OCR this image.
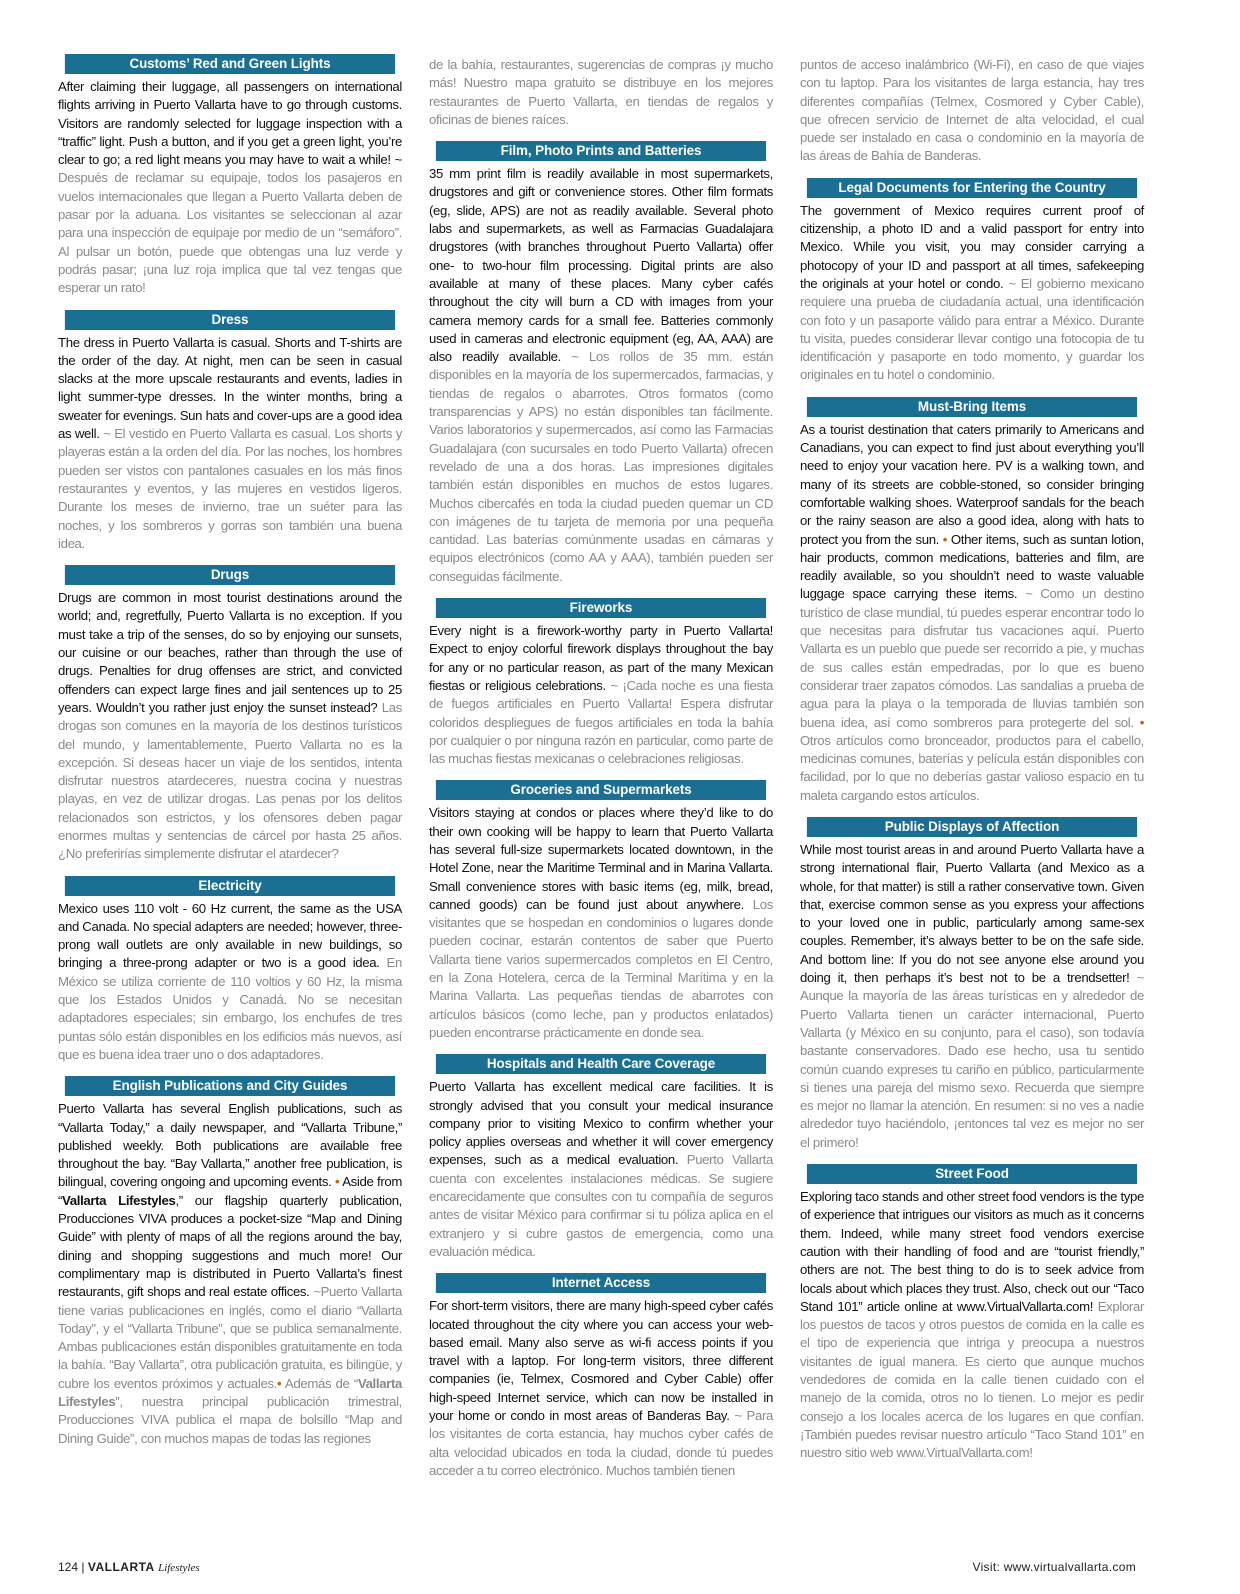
Customs’ Red and Green Lights

After claiming their luggage, all passengers on international flights arriving in Puerto Vallarta have to go through customs. Visitors are randomly selected for luggage inspection with a “traffic” light. Push a button, and if you get a green light, you’re clear to go; a red light means you may have to wait a while! ~ Después de reclamar su equipaje, todos los pasajeros en vuelos internacionales que llegan a Puerto Vallarta deben de pasar por la aduana. Los visitantes se seleccionan al azar para una inspección de equipaje por medio de un “semáforo”. Al pulsar un botón, puede que obtengas una luz verde y podrás pasar; ¡una luz roja implica que tal vez tengas que esperar un rato!

Dress

The dress in Puerto Vallarta is casual. Shorts and T-shirts are the order of the day. At night, men can be seen in casual slacks at the more upscale restaurants and events, ladies in light summer-type dresses. In the winter months, bring a sweater for evenings. Sun hats and cover-ups are a good idea as well. ~ El vestido en Puerto Vallarta es casual. Los shorts y playeras están a la orden del día. Por las noches, los hombres pueden ser vistos con pantalones casuales en los más finos restaurantes y eventos, y las mujeres en vestidos ligeros. Durante los meses de invierno, trae un suéter para las noches, y los sombreros y gorras son también una buena idea.

Drugs

Drugs are common in most tourist destinations around the world; and, regretfully, Puerto Vallarta is no exception. If you must take a trip of the senses, do so by enjoying our sunsets, our cuisine or our beaches, rather than through the use of drugs. Penalties for drug offenses are strict, and convicted offenders can expect large fines and jail sentences up to 25 years. Wouldn’t you rather just enjoy the sunset instead? Las drogas son comunes en la mayoría de los destinos turísticos del mundo, y lamentablemente, Puerto Vallarta no es la excepción. Si deseas hacer un viaje de los sentidos, intenta disfrutar nuestros atardeceres, nuestra cocina y nuestras playas, en vez de utilizar drogas. Las penas por los delitos relacionados son estrictos, y los ofensores deben pagar enormes multas y sentencias de cárcel por hasta 25 años. ¿No preferirías simplemente disfrutar el atardecer?

Electricity

Mexico uses 110 volt - 60 Hz current, the same as the USA and Canada. No special adapters are needed; however, three-prong wall outlets are only available in new buildings, so bringing a three-prong adapter or two is a good idea. En México se utiliza corriente de 110 voltios y 60 Hz, la misma que los Estados Unidos y Canadá. No se necesitan adaptadores especiales; sin embargo, los enchufes de tres puntas sólo están disponibles en los edificios más nuevos, así que es buena idea traer uno o dos adaptadores.

English Publications and City Guides

Puerto Vallarta has several English publications, such as “Vallarta Today,” a daily newspaper, and “Vallarta Tribune,” published weekly. Both publications are available free throughout the bay. “Bay Vallarta,” another free publication, is bilingual, covering ongoing and upcoming events. • Aside from “Vallarta Lifestyles,” our flagship quarterly publication, Producciones VIVA produces a pocket-size “Map and Dining Guide” with plenty of maps of all the regions around the bay, dining and shopping suggestions and much more! Our complimentary map is distributed in Puerto Vallarta’s finest restaurants, gift shops and real estate offices. ~Puerto Vallarta tiene varias publicaciones en inglés, como el diario “Vallarta Today”, y el “Vallarta Tribune”, que se publica semanalmente. Ambas publicaciones están disponibles gratuitamente en toda la bahía. “Bay Vallarta”, otra publicación gratuita, es bilingüe, y cubre los eventos próximos y actuales.• Además de “Vallarta Lifestyles”, nuestra principal publicación trimestral, Producciones VIVA publica el mapa de bolsillo “Map and Dining Guide”, con muchos mapas de todas las regiones

de la bahía, restaurantes, sugerencias de compras ¡y mucho más! Nuestro mapa gratuito se distribuye en los mejores restaurantes de Puerto Vallarta, en tiendas de regalos y oficinas de bienes raíces.

Film, Photo Prints and Batteries

35 mm print film is readily available in most supermarkets, drugstores and gift or convenience stores. Other film formats (eg, slide, APS) are not as readily available. Several photo labs and supermarkets, as well as Farmacias Guadalajara drugstores (with branches throughout Puerto Vallarta) offer one- to two-hour film processing. Digital prints are also available at many of these places. Many cyber cafés throughout the city will burn a CD with images from your camera memory cards for a small fee. Batteries commonly used in cameras and electronic equipment (eg, AA, AAA) are also readily available. ~ Los rollos de 35 mm. están disponibles en la mayoría de los supermercados, farmacias, y tiendas de regalos o abarrotes. Otros formatos (como transparencias y APS) no están disponibles tan fácilmente. Varios laboratorios y supermercados, así como las Farmacias Guadalajara (con sucursales en todo Puerto Vallarta) ofrecen revelado de una a dos horas. Las impresiones digitales también están disponibles en muchos de estos lugares. Muchos cibercafés en toda la ciudad pueden quemar un CD con imágenes de tu tarjeta de memoria por una pequeña cantidad. Las baterías comúnmente usadas en cámaras y equipos electrónicos (como AA y AAA), también pueden ser conseguidas fácilmente.

Fireworks

Every night is a firework-worthy party in Puerto Vallarta! Expect to enjoy colorful firework displays throughout the bay for any or no particular reason, as part of the many Mexican fiestas or religious celebrations. ~ ¡Cada noche es una fiesta de fuegos artificiales en Puerto Vallarta! Espera disfrutar coloridos despliegues de fuegos artificiales en toda la bahía por cualquier o por ninguna razón en particular, como parte de las muchas fiestas mexicanas o celebraciones religiosas.

Groceries and Supermarkets

Visitors staying at condos or places where they’d like to do their own cooking will be happy to learn that Puerto Vallarta has several full-size supermarkets located downtown, in the Hotel Zone, near the Maritime Terminal and in Marina Vallarta. Small convenience stores with basic items (eg, milk, bread, canned goods) can be found just about anywhere. Los visitantes que se hospedan en condominios o lugares donde pueden cocinar, estarán contentos de saber que Puerto Vallarta tiene varios supermercados completos en El Centro, en la Zona Hotelera, cerca de la Terminal Marítima y en la Marina Vallarta. Las pequeñas tiendas de abarrotes con artículos básicos (como leche, pan y productos enlatados) pueden encontrarse prácticamente en donde sea.

Hospitals and Health Care Coverage

Puerto Vallarta has excellent medical care facilities. It is strongly advised that you consult your medical insurance company prior to visiting Mexico to confirm whether your policy applies overseas and whether it will cover emergency expenses, such as a medical evaluation. Puerto Vallarta cuenta con excelentes instalaciones médicas. Se sugiere encarecidamente que consultes con tu compañía de seguros antes de visitar México para confirmar si tu póliza aplica en el extranjero y si cubre gastos de emergencia, como una evaluación médica.

Internet Access

For short-term visitors, there are many high-speed cyber cafés located throughout the city where you can access your web-based email. Many also serve as wi-fi access points if you travel with a laptop. For long-term visitors, three different companies (ie, Telmex, Cosmored and Cyber Cable) offer high-speed Internet service, which can now be installed in your home or condo in most areas of Banderas Bay. ~ Para los visitantes de corta estancia, hay muchos cyber cafés de alta velocidad ubicados en toda la ciudad, donde tú puedes acceder a tu correo electrónico. Muchos también tienen

puntos de acceso inalámbrico (Wi-Fi), en caso de que viajes con tu laptop. Para los visitantes de larga estancia, hay tres diferentes compañías (Telmex, Cosmored y Cyber Cable), que ofrecen servicio de Internet de alta velocidad, el cual puede ser instalado en casa o condominio en la mayoría de las áreas de Bahía de Banderas.

Legal Documents for Entering the Country

The government of Mexico requires current proof of citizenship, a photo ID and a valid passport for entry into Mexico. While you visit, you may consider carrying a photocopy of your ID and passport at all times, safekeeping the originals at your hotel or condo. ~ El gobierno mexicano requiere una prueba de ciudadanía actual, una identificación con foto y un pasaporte válido para entrar a México. Durante tu visita, puedes considerar llevar contigo una fotocopia de tu identificación y pasaporte en todo momento, y guardar los originales en tu hotel o condominio.

Must-Bring Items

As a tourist destination that caters primarily to Americans and Canadians, you can expect to find just about everything you’ll need to enjoy your vacation here. PV is a walking town, and many of its streets are cobble-stoned, so consider bringing comfortable walking shoes. Waterproof sandals for the beach or the rainy season are also a good idea, along with hats to protect you from the sun. • Other items, such as suntan lotion, hair products, common medications, batteries and film, are readily available, so you shouldn’t need to waste valuable luggage space carrying these items. ~ Como un destino turístico de clase mundial, tú puedes esperar encontrar todo lo que necesitas para disfrutar tus vacaciones aquí. Puerto Vallarta es un pueblo que puede ser recorrido a pie, y muchas de sus calles están empedradas, por lo que es bueno considerar traer zapatos cómodos. Las sandalias a prueba de agua para la playa o la temporada de lluvias también son buena idea, así como sombreros para protegerte del sol. • Otros artículos como bronceador, productos para el cabello, medicinas comunes, baterías y película están disponibles con facilidad, por lo que no deberías gastar valioso espacio en tu maleta cargando estos artículos.

Public Displays of Affection

While most tourist areas in and around Puerto Vallarta have a strong international flair, Puerto Vallarta (and Mexico as a whole, for that matter) is still a rather conservative town. Given that, exercise common sense as you express your affections to your loved one in public, particularly among same-sex couples. Remember, it’s always better to be on the safe side. And bottom line: If you do not see anyone else around you doing it, then perhaps it’s best not to be a trendsetter! ~ Aunque la mayoría de las áreas turísticas en y alrededor de Puerto Vallarta tienen un carácter internacional, Puerto Vallarta (y México en su conjunto, para el caso), son todavía bastante conservadores. Dado ese hecho, usa tu sentido común cuando expreses tu cariño en público, particularmente si tienes una pareja del mismo sexo. Recuerda que siempre es mejor no llamar la atención. En resumen: si no ves a nadie alrededor tuyo haciéndolo, ¡entonces tal vez es mejor no ser el primero!

Street Food

Exploring taco stands and other street food vendors is the type of experience that intrigues our visitors as much as it concerns them. Indeed, while many street food vendors exercise caution with their handling of food and are “tourist friendly,” others are not. The best thing to do is to seek advice from locals about which places they trust. Also, check out our “Taco Stand 101” article online at www.VirtualVallarta.com! Explorar los puestos de tacos y otros puestos de comida en la calle es el tipo de experiencia que intriga y preocupa a nuestros visitantes de igual manera. Es cierto que aunque muchos vendedores de comida en la calle tienen cuidado con el manejo de la comida, otros no lo tienen. Lo mejor es pedir consejo a los locales acerca de los lugares en que confían. ¡También puedes revisar nuestro artículo “Taco Stand 101” en nuestro sitio web www.VirtualVallarta.com!

124 | VALLARTA Lifestyles	Visit: www.virtualvallarta.com
